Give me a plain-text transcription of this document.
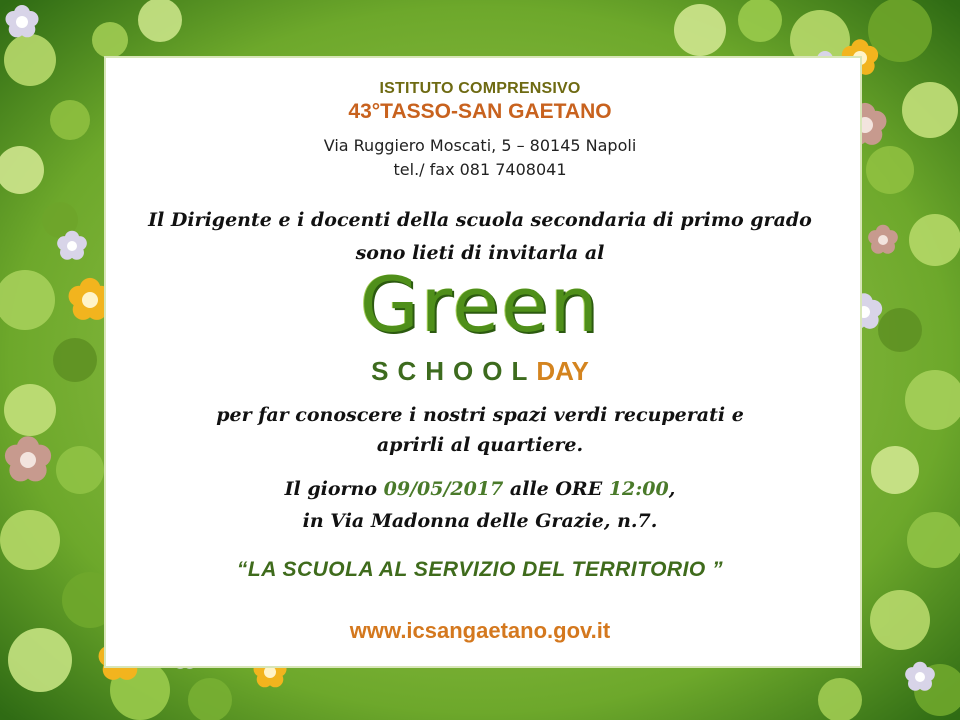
ISTITUTO COMPRENSIVO
43°TASSO-SAN GAETANO
Via Ruggiero Moscati, 5 – 80145 Napoli
tel./ fax 081 7408041
Il Dirigente e i docenti della scuola secondaria di primo grado
sono lieti di invitarla al
Green
SCHOOLDAY
per far conoscere i nostri spazi verdi recuperati e
aprirli al quartiere.
Il giorno 09/05/2017 alle ORE 12:00,
in Via Madonna delle Grazie, n.7.
“LA SCUOLA AL SERVIZIO DEL TERRITORIO ”
www.icsangaetano.gov.it
